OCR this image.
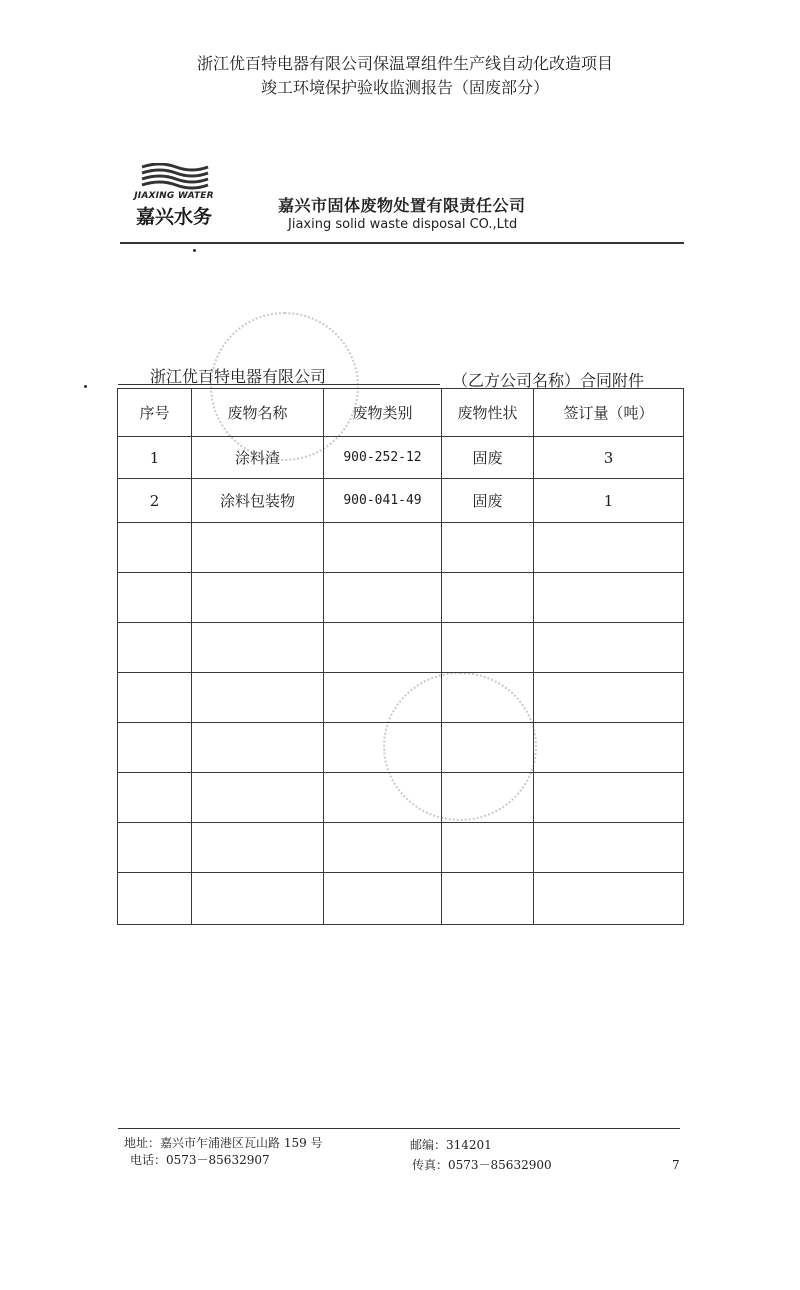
浙江优百特电器有限公司保温罩组件生产线自动化改造项目
竣工环境保护验收监测报告（固废部分）
JIAXING WATER
嘉兴水务
嘉兴市固体废物处置有限责任公司
Jiaxing solid waste disposal CO.,Ltd
浙江优百特电器有限公司	（乙方公司名称）合同附件
序号	废物名称	废物类别	废物性状	签订量（吨）
1	涂料渣	900-252-12	固废	3
2	涂料包装物	900-041-49	固废	1

地址：嘉兴市乍浦港区瓦山路 159 号
电话：0573－85632907
邮编：314201
传真：0573－85632900	7
